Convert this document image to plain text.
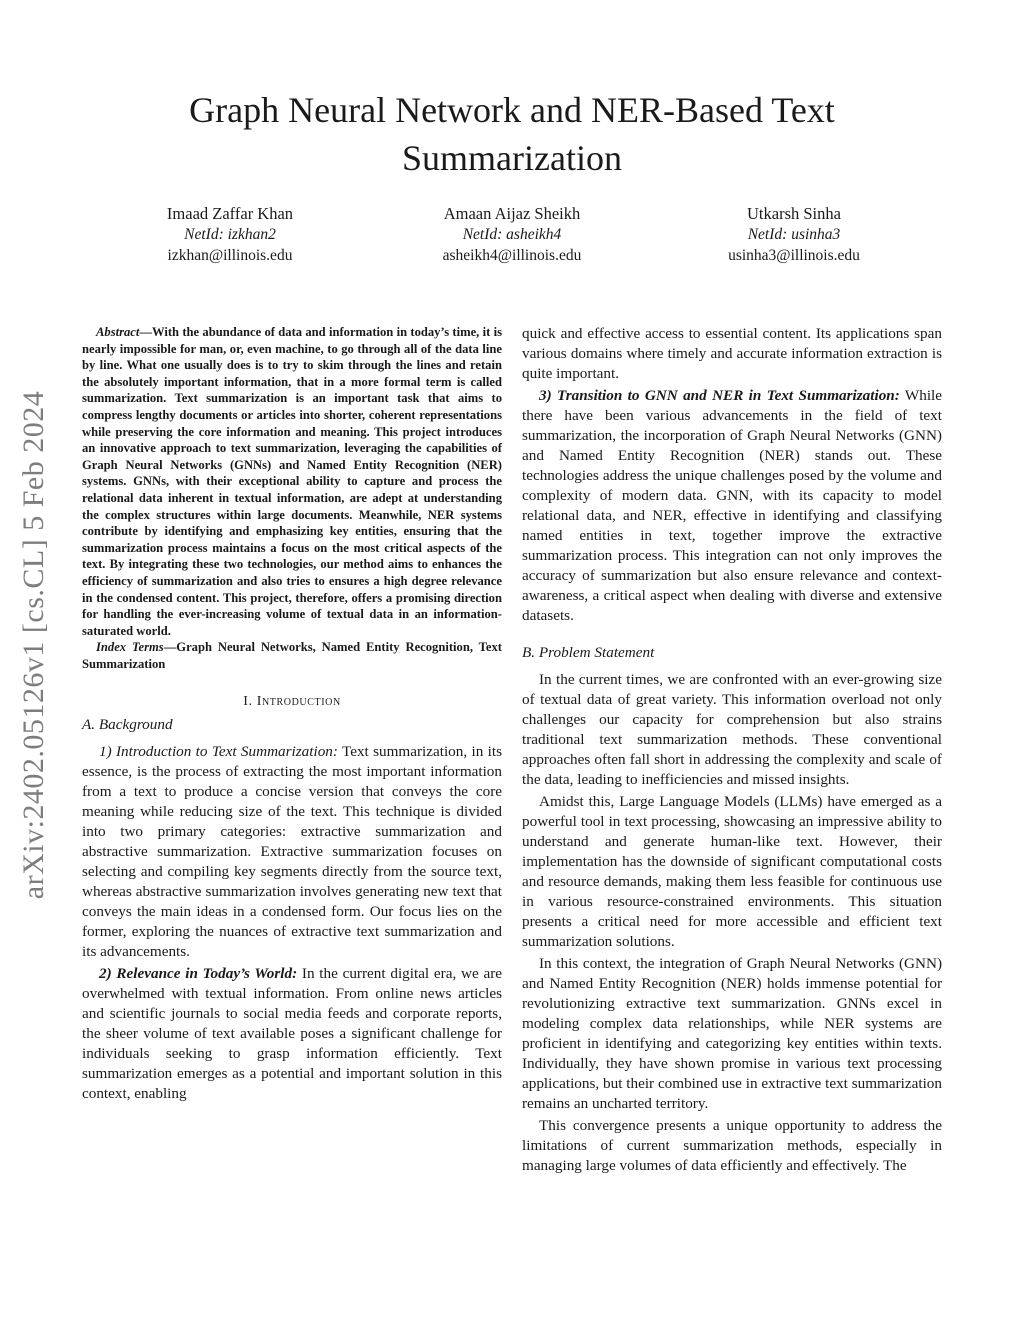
arXiv:2402.05126v1 [cs.CL] 5 Feb 2024
Graph Neural Network and NER-Based Text Summarization
Imaad Zaffar Khan
NetId: izkhan2
izkhan@illinois.edu
Amaan Aijaz Sheikh
NetId: asheikh4
asheikh4@illinois.edu
Utkarsh Sinha
NetId: usinha3
usinha3@illinois.edu

Abstract—With the abundance of data and information in today’s time, it is nearly impossible for man, or, even machine, to go through all of the data line by line. What one usually does is to try to skim through the lines and retain the absolutely important information, that in a more formal term is called summarization. Text summarization is an important task that aims to compress lengthy documents or articles into shorter, coherent representations while preserving the core information and meaning. This project introduces an innovative approach to text summarization, leveraging the capabilities of Graph Neural Networks (GNNs) and Named Entity Recognition (NER) systems. GNNs, with their exceptional ability to capture and process the relational data inherent in textual information, are adept at understanding the complex structures within large documents. Meanwhile, NER systems contribute by identifying and emphasizing key entities, ensuring that the summarization process maintains a focus on the most critical aspects of the text. By integrating these two technologies, our method aims to enhances the efficiency of summarization and also tries to ensures a high degree relevance in the condensed content. This project, therefore, offers a promising direction for handling the ever-increasing volume of textual data in an information-saturated world.

Index Terms—Graph Neural Networks, Named Entity Recognition, Text Summarization

I. Introduction
A. Background

1) Introduction to Text Summarization: Text summarization, in its essence, is the process of extracting the most important information from a text to produce a concise version that conveys the core meaning while reducing size of the text. This technique is divided into two primary categories: extractive summarization and abstractive summarization. Extractive summarization focuses on selecting and compiling key segments directly from the source text, whereas abstractive summarization involves generating new text that conveys the main ideas in a condensed form. Our focus lies on the former, exploring the nuances of extractive text summarization and its advancements.

2) Relevance in Today’s World: In the current digital era, we are overwhelmed with textual information. From online news articles and scientific journals to social media feeds and corporate reports, the sheer volume of text available poses a significant challenge for individuals seeking to grasp information efficiently. Text summarization emerges as a potential and important solution in this context, enabling

quick and effective access to essential content. Its applications span various domains where timely and accurate information extraction is quite important.

3) Transition to GNN and NER in Text Summarization: While there have been various advancements in the field of text summarization, the incorporation of Graph Neural Networks (GNN) and Named Entity Recognition (NER) stands out. These technologies address the unique challenges posed by the volume and complexity of modern data. GNN, with its capacity to model relational data, and NER, effective in identifying and classifying named entities in text, together improve the extractive summarization process. This integration can not only improves the accuracy of summarization but also ensure relevance and context-awareness, a critical aspect when dealing with diverse and extensive datasets.

B. Problem Statement

In the current times, we are confronted with an ever-growing size of textual data of great variety. This information overload not only challenges our capacity for comprehension but also strains traditional text summarization methods. These conventional approaches often fall short in addressing the complexity and scale of the data, leading to inefficiencies and missed insights.

Amidst this, Large Language Models (LLMs) have emerged as a powerful tool in text processing, showcasing an impressive ability to understand and generate human-like text. However, their implementation has the downside of significant computational costs and resource demands, making them less feasible for continuous use in various resource-constrained environments. This situation presents a critical need for more accessible and efficient text summarization solutions.

In this context, the integration of Graph Neural Networks (GNN) and Named Entity Recognition (NER) holds immense potential for revolutionizing extractive text summarization. GNNs excel in modeling complex data relationships, while NER systems are proficient in identifying and categorizing key entities within texts. Individually, they have shown promise in various text processing applications, but their combined use in extractive text summarization remains an uncharted territory.

This convergence presents a unique opportunity to address the limitations of current summarization methods, especially in managing large volumes of data efficiently and effectively. The
